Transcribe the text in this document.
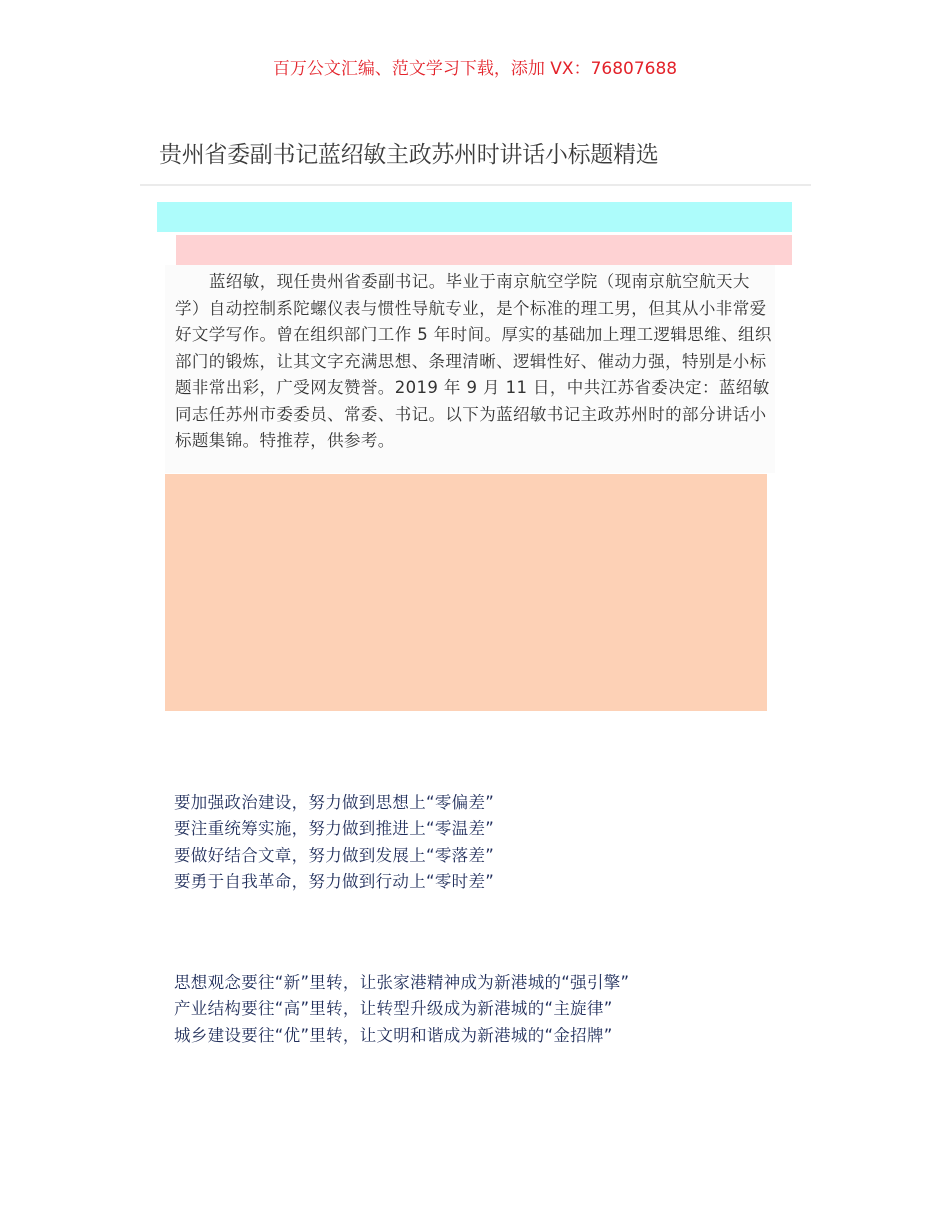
百万公文汇编、范文学习下载，添加 VX：76807688
贵州省委副书记蓝绍敏主政苏州时讲话小标题精选

蓝绍敏，现任贵州省委副书记。毕业于南京航空学院（现南京航空航天大学）自动控制系陀螺仪表与惯性导航专业，是个标准的理工男，但其从小非常爱好文学写作。曾在组织部门工作 5 年时间。厚实的基础加上理工逻辑思维、组织部门的锻炼，让其文字充满思想、条理清晰、逻辑性好、催动力强，特别是小标题非常出彩，广受网友赞誉。2019 年 9 月 11 日，中共江苏省委决定：蓝绍敏同志任苏州市委委员、常委、书记。以下为蓝绍敏书记主政苏州时的部分讲话小标题集锦。特推荐，供参考。

要加强政治建设，努力做到思想上“零偏差”
要注重统筹实施，努力做到推进上“零温差”
要做好结合文章，努力做到发展上“零落差”
要勇于自我革命，努力做到行动上“零时差”
思想观念要往“新”里转，让张家港精神成为新港城的“强引擎”
产业结构要往“高”里转，让转型升级成为新港城的“主旋律”
城乡建设要往“优”里转，让文明和谐成为新港城的“金招牌”
